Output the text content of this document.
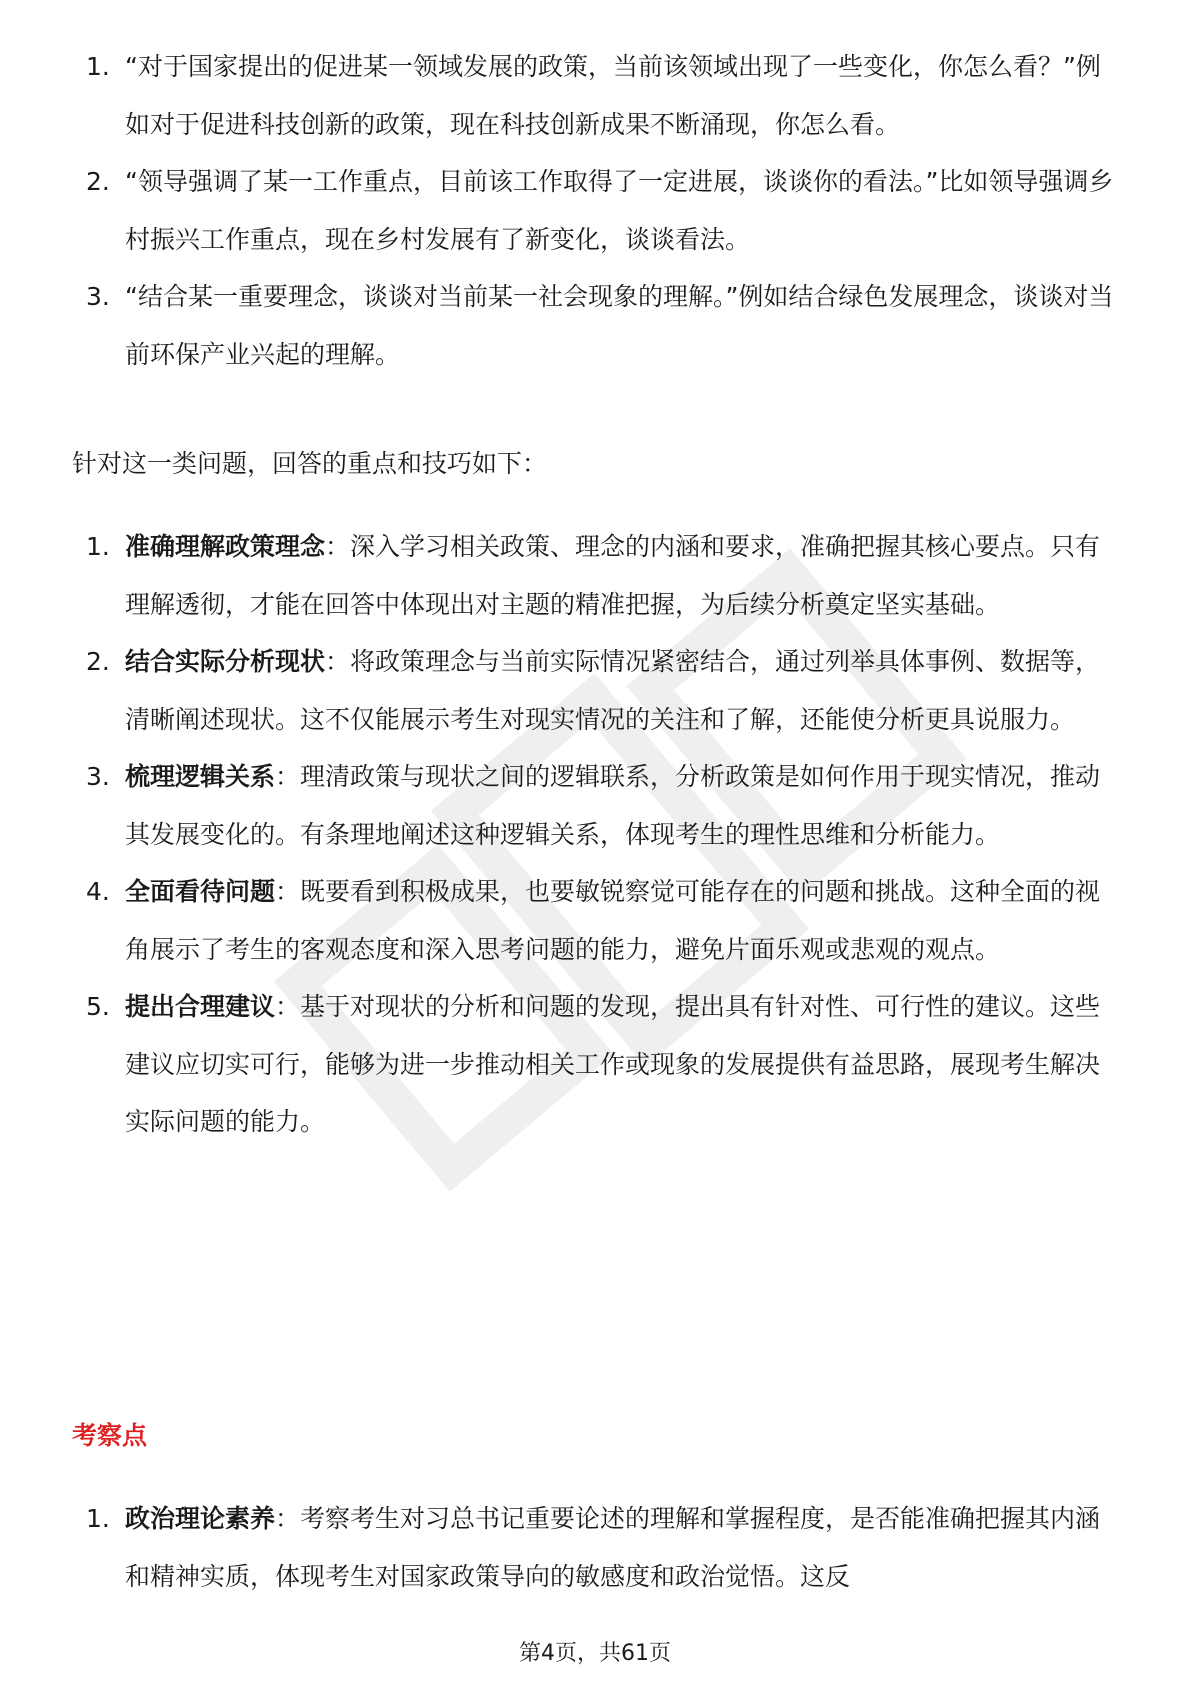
1. “对于国家提出的促进某一领域发展的政策，当前该领域出现了一些变化，你怎么看？”例如对于促进科技创新的政策，现在科技创新成果不断涌现，你怎么看。
2. “领导强调了某一工作重点，目前该工作取得了一定进展，谈谈你的看法。”比如领导强调乡村振兴工作重点，现在乡村发展有了新变化，谈谈看法。
3. “结合某一重要理念，谈谈对当前某一社会现象的理解。”例如结合绿色发展理念，谈谈对当前环保产业兴起的理解。

针对这一类问题，回答的重点和技巧如下：

1. 准确理解政策理念：深入学习相关政策、理念的内涵和要求，准确把握其核心要点。只有理解透彻，才能在回答中体现出对主题的精准把握，为后续分析奠定坚实基础。
2. 结合实际分析现状：将政策理念与当前实际情况紧密结合，通过列举具体事例、数据等，清晰阐述现状。这不仅能展示考生对现实情况的关注和了解，还能使分析更具说服力。
3. 梳理逻辑关系：理清政策与现状之间的逻辑联系，分析政策是如何作用于现实情况，推动其发展变化的。有条理地阐述这种逻辑关系，体现考生的理性思维和分析能力。
4. 全面看待问题：既要看到积极成果，也要敏锐察觉可能存在的问题和挑战。这种全面的视角展示了考生的客观态度和深入思考问题的能力，避免片面乐观或悲观的观点。
5. 提出合理建议：基于对现状的分析和问题的发现，提出具有针对性、可行性的建议。这些建议应切实可行，能够为进一步推动相关工作或现象的发展提供有益思路，展现考生解决实际问题的能力。

考察点

1. 政治理论素养：考察考生对习总书记重要论述的理解和掌握程度，是否能准确把握其内涵和精神实质，体现考生对国家政策导向的敏感度和政治觉悟。这反
第4页，共61页
